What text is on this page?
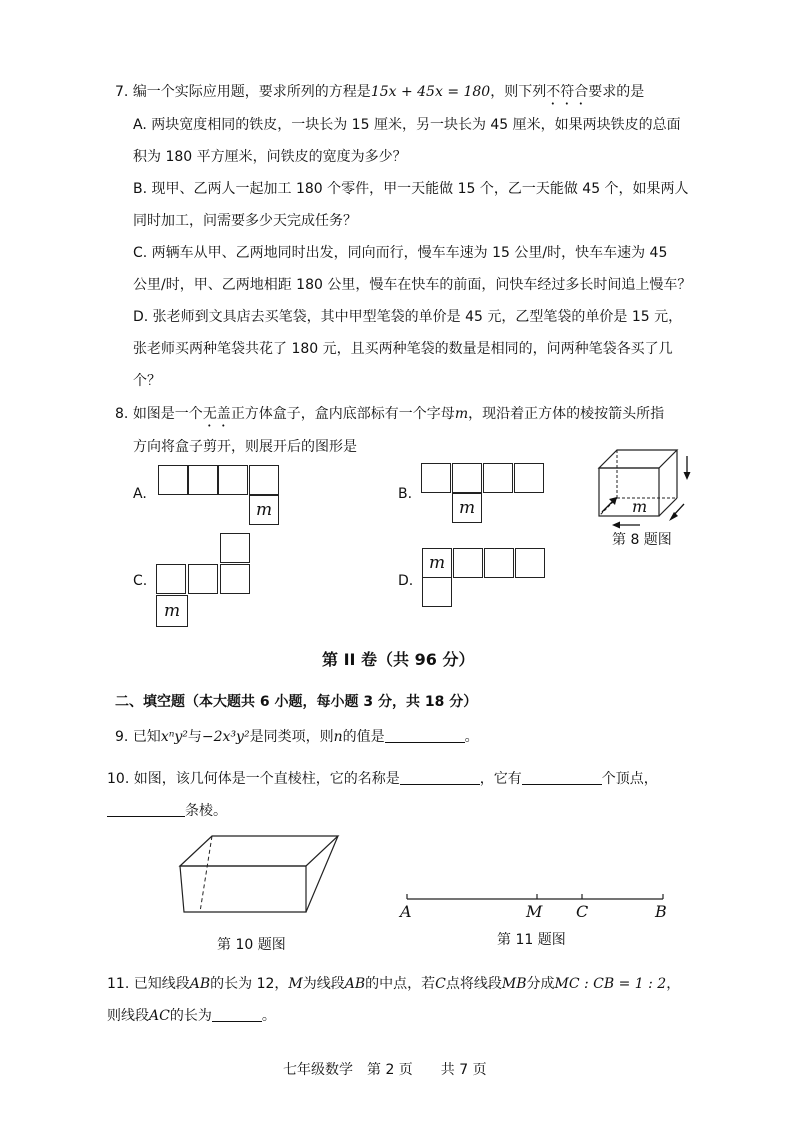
7. 编一个实际应用题，要求所列的方程是15x + 45x = 180，则下列不符合要求的是
A. 两块宽度相同的铁皮，一块长为 15 厘米，另一块长为 45 厘米，如果两块铁皮的总面
积为 180 平方厘米，问铁皮的宽度为多少？
B. 现甲、乙两人一起加工 180 个零件，甲一天能做 15 个，乙一天能做 45 个，如果两人
同时加工，问需要多少天完成任务？
C. 两辆车从甲、乙两地同时出发，同向而行，慢车车速为 15 公里/时，快车车速为 45
公里/时，甲、乙两地相距 180 公里，慢车在快车的前面，问快车经过多长时间追上慢车？
D. 张老师到文具店去买笔袋，其中甲型笔袋的单价是 45 元，乙型笔袋的单价是 15 元，
张老师买两种笔袋共花了 180 元，且买两种笔袋的数量是相同的，问两种笔袋各买了几
个？
8. 如图是一个无盖正方体盒子，盒内底部标有一个字母m，现沿着正方体的棱按箭头所指
方向将盒子剪开，则展开后的图形是
A.
m
B.
m
C.
m
D.
m
m
第 8 题图
第 II 卷（共 96 分）
二、填空题（本大题共 6 小题，每小题 3 分，共 18 分）
9. 已知xⁿy²与−2x³y²是同类项，则n的值是	。
10. 如图，该几何体是一个直棱柱，它的名称是	，它有	个顶点，
条棱。
第 10 题图
A	M C	B
第 11 题图
11. 已知线段AB的长为 12，M为线段AB的中点，若C点将线段MB分成MC : CB = 1 : 2，
则线段AC的长为	。
七年级数学　第 2 页　　共 7 页
